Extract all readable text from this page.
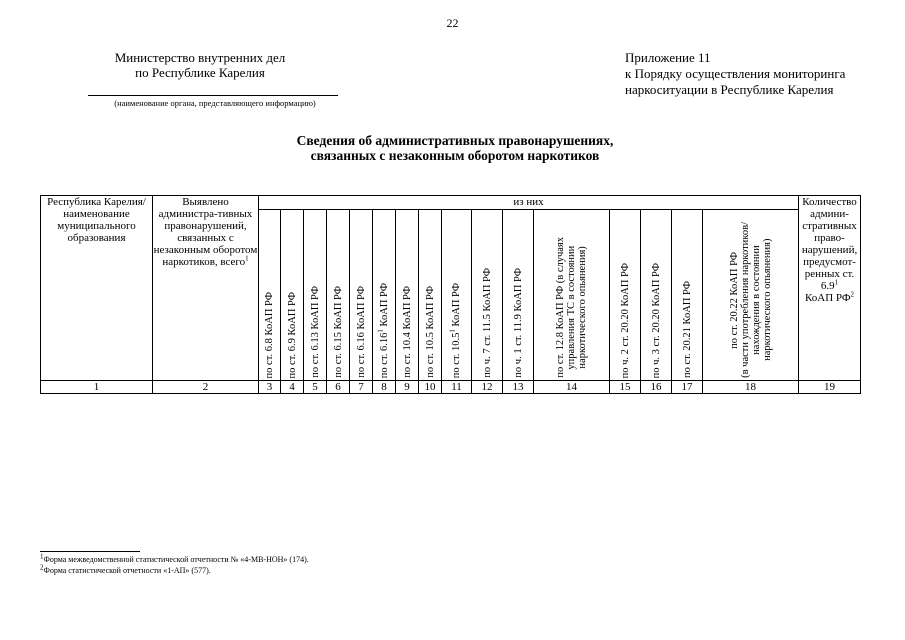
22
Министерство внутренних дел
по Республике Карелия
(наименование органа, представляющего информацию)
Приложение 11
к Порядку осуществления мониторинга
наркоситуации в Республике Карелия
Сведения об административных правонарушениях,
связанных с незаконным оборотом наркотиков
Республика Карелия/ наименование муниципального образования	Выявлено администра-тивных правонарушений, связанных с незаконным оборотом наркотиков, всего$^1$	из них																Количество админи-стративных право-нарушений, предусмот-ренных ст. $6.9^1$
КоАП $РФ^2$

		по ст. 6.8 КоАП РФ	по ст. 6.9 КоАП РФ	по ст. 6.13 КоАП РФ	по ст. 6.15 КоАП РФ	по ст. 6.16 КоАП РФ	по ст. 6.16$^1$ КоАП РФ	по ст. 10.4 КоАП РФ	по ст. 10.5 КоАП РФ	по ст. 10.5$^1$ КоАП РФ	по ч. 7 ст. 11.5 КоАП РФ	по ч. 1 ст. 11.9 КоАП РФ	по ст. 12.8 КоАП РФ (в случаях
управления ТС в состоянии
наркотического опьянения)	по ч. 2 ст. 20.20 КоАП РФ	по ч. 3 ст. 20.20 КоАП РФ	по ст. 20.21 КоАП РФ	по ст. 20.22 КоАП РФ
(в части употребления наркотиков/
нахождения в состоянии
наркотического опьянения)	

1	2	3	4	5	6	7	8	9	10	11	12	13	14	15	16	17	18	19
$^1$Форма межведомственной статистической отчетности № «4-МВ-НОН» (174).
$^2$Форма статистической отчетности «1-АП» (577).
